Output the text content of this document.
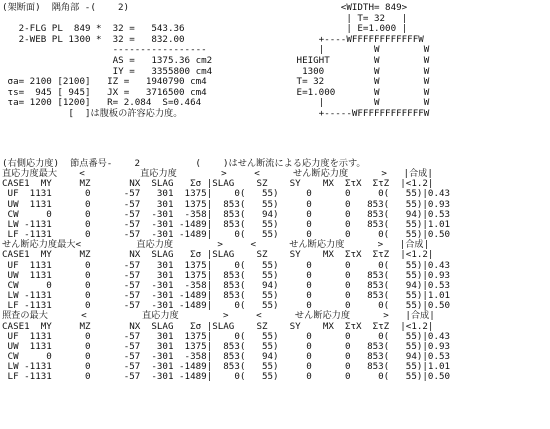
(架断面)  隅角部 -(    2)

2-FLG PL  849 *  32 =   543.36
2-WEB PL 1300 *  32 =   832.00
-----------------
AS =   1375.36 cm2
IY =   3355800 cm4
σa= 2100 [2100]   IZ =   1940790 cm4
τs=  945 [ 945]   JX =   3716500 cm4
τa= 1200 [1200]   R= 2.084  S=0.464
[  ]は腹板の許容応力度。

<WIDTH= 849>
| T= 32   |
| E=1.000 |
+----WFFFFFFFFFFFFW
|         W        W
HEIGHT        W        W
1300         W        W
T= 32         W        W
E=1.000       W        W
|         W        W
+-----WFFFFFFFFFFFFW

(右側応力度)  節点番号-    2          (    )はせん断流による応力度を示す。
直応力度最大    <          直応力度        >     <      せん断応力度      >   |合成|
CASE1  MY     MZ       NX  SLAG   Σσ |SLAG    SZ    SY    MX  ΣτX  ΣτZ  |<1.2|
UF  1131      0      -57   301  1375|    0(   55)     0      0     0(   55)|0.43
UW  1131      0      -57   301  1375|  853(   55)     0      0   853(   55)|0.93
CW     0      0      -57  -301  -358|  853(   94)     0      0   853(   94)|0.53
LW -1131      0      -57  -301 -1489|  853(   55)     0      0   853(   55)|1.01
LF -1131      0      -57  -301 -1489|    0(   55)     0      0     0(   55)|0.50
せん断応力度最大<          直応力度        >     <      せん断応力度      >   |合成|
CASE1  MY     MZ       NX  SLAG   Σσ |SLAG    SZ    SY    MX  ΣτX  ΣτZ  |<1.2|
UF  1131      0      -57   301  1375|    0(   55)     0      0     0(   55)|0.43
UW  1131      0      -57   301  1375|  853(   55)     0      0   853(   55)|0.93
CW     0      0      -57  -301  -358|  853(   94)     0      0   853(   94)|0.53
LW -1131      0      -57  -301 -1489|  853(   55)     0      0   853(   55)|1.01
LF -1131      0      -57  -301 -1489|    0(   55)     0      0     0(   55)|0.50
照査の最大      <          直応力度        >     <      せん断応力度      >   |合成|
CASE1  MY     MZ       NX  SLAG   Σσ |SLAG    SZ    SY    MX  ΣτX  ΣτZ  |<1.2|
UF  1131      0      -57   301  1375|    0(   55)     0      0     0(   55)|0.43
UW  1131      0      -57   301  1375|  853(   55)     0      0   853(   55)|0.93
CW     0      0      -57  -301  -358|  853(   94)     0      0   853(   94)|0.53
LW -1131      0      -57  -301 -1489|  853(   55)     0      0   853(   55)|1.01
LF -1131      0      -57  -301 -1489|    0(   55)     0      0     0(   55)|0.50
